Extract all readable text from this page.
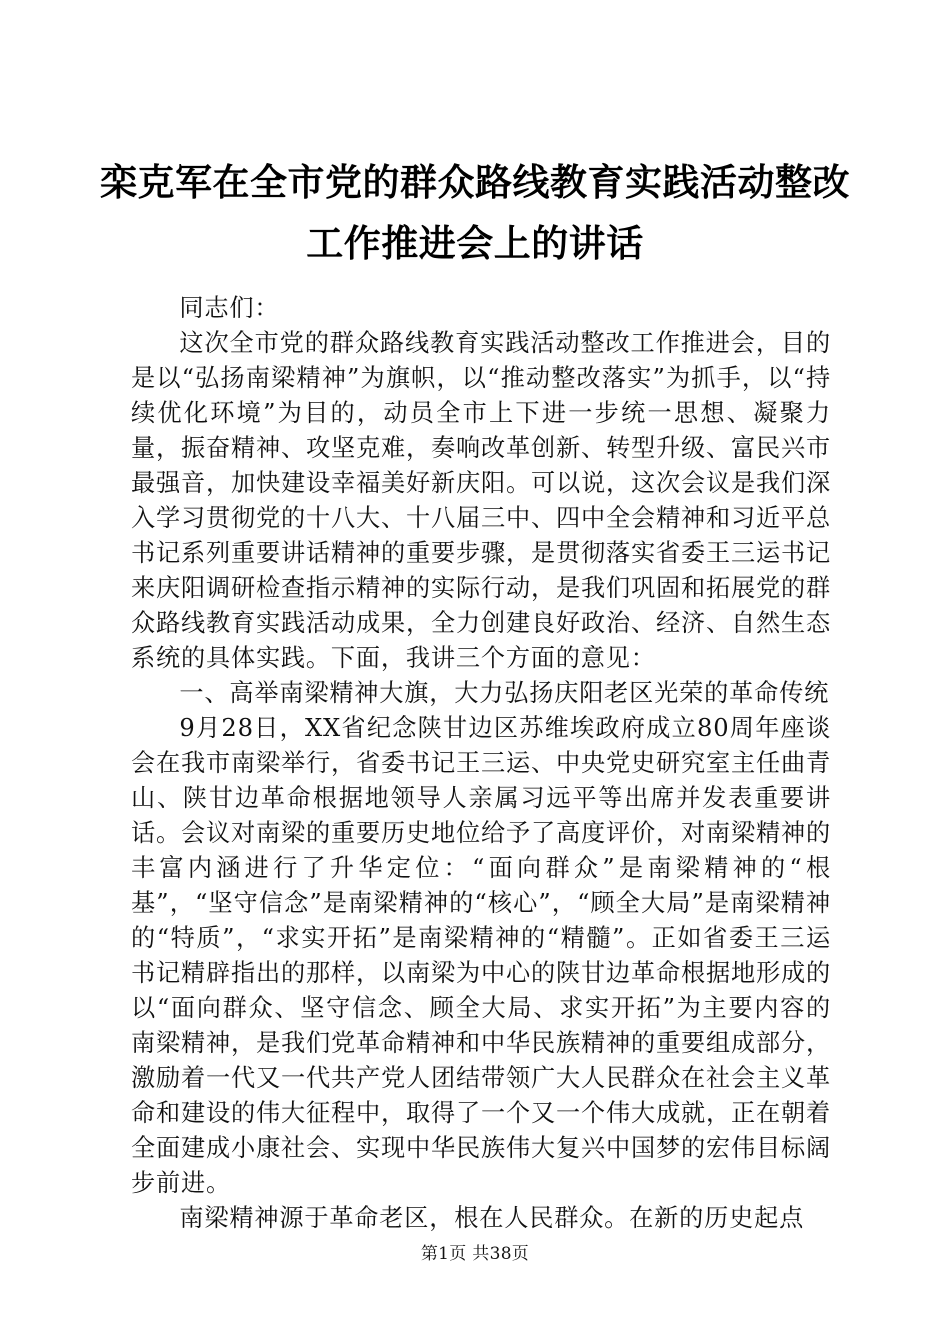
栾克军在全市党的群众路线教育实践活动整改
工作推进会上的讲话

同志们：

这次全市党的群众路线教育实践活动整改工作推进会，目的是以“弘扬南梁精神”为旗帜，以“推动整改落实”为抓手，以“持续优化环境”为目的，动员全市上下进一步统一思想、凝聚力量，振奋精神、攻坚克难，奏响改革创新、转型升级、富民兴市最强音，加快建设幸福美好新庆阳。可以说，这次会议是我们深入学习贯彻党的十八大、十八届三中、四中全会精神和习近平总书记系列重要讲话精神的重要步骤，是贯彻落实省委王三运书记来庆阳调研检查指示精神的实际行动，是我们巩固和拓展党的群众路线教育实践活动成果，全力创建良好政治、经济、自然生态系统的具体实践。下面，我讲三个方面的意见：

一、高举南梁精神大旗，大力弘扬庆阳老区光荣的革命传统

9月28日，XX省纪念陕甘边区苏维埃政府成立80周年座谈会在我市南梁举行，省委书记王三运、中央党史研究室主任曲青山、陕甘边革命根据地领导人亲属习远平等出席并发表重要讲话。会议对南梁的重要历史地位给予了高度评价，对南梁精神的丰富内涵进行了升华定位：“面向群众”是南梁精神的“根基”，“坚守信念”是南梁精神的“核心”，“顾全大局”是南梁精神的“特质”，“求实开拓”是南梁精神的“精髓”。正如省委王三运书记精辟指出的那样，以南梁为中心的陕甘边革命根据地形成的以“面向群众、坚守信念、顾全大局、求实开拓”为主要内容的南梁精神，是我们党革命精神和中华民族精神的重要组成部分，激励着一代又一代共产党人团结带领广大人民群众在社会主义革命和建设的伟大征程中，取得了一个又一个伟大成就，正在朝着全面建成小康社会、实现中华民族伟大复兴中国梦的宏伟目标阔步前进。

南梁精神源于革命老区，根在人民群众。在新的历史起点

第1页 共38页
